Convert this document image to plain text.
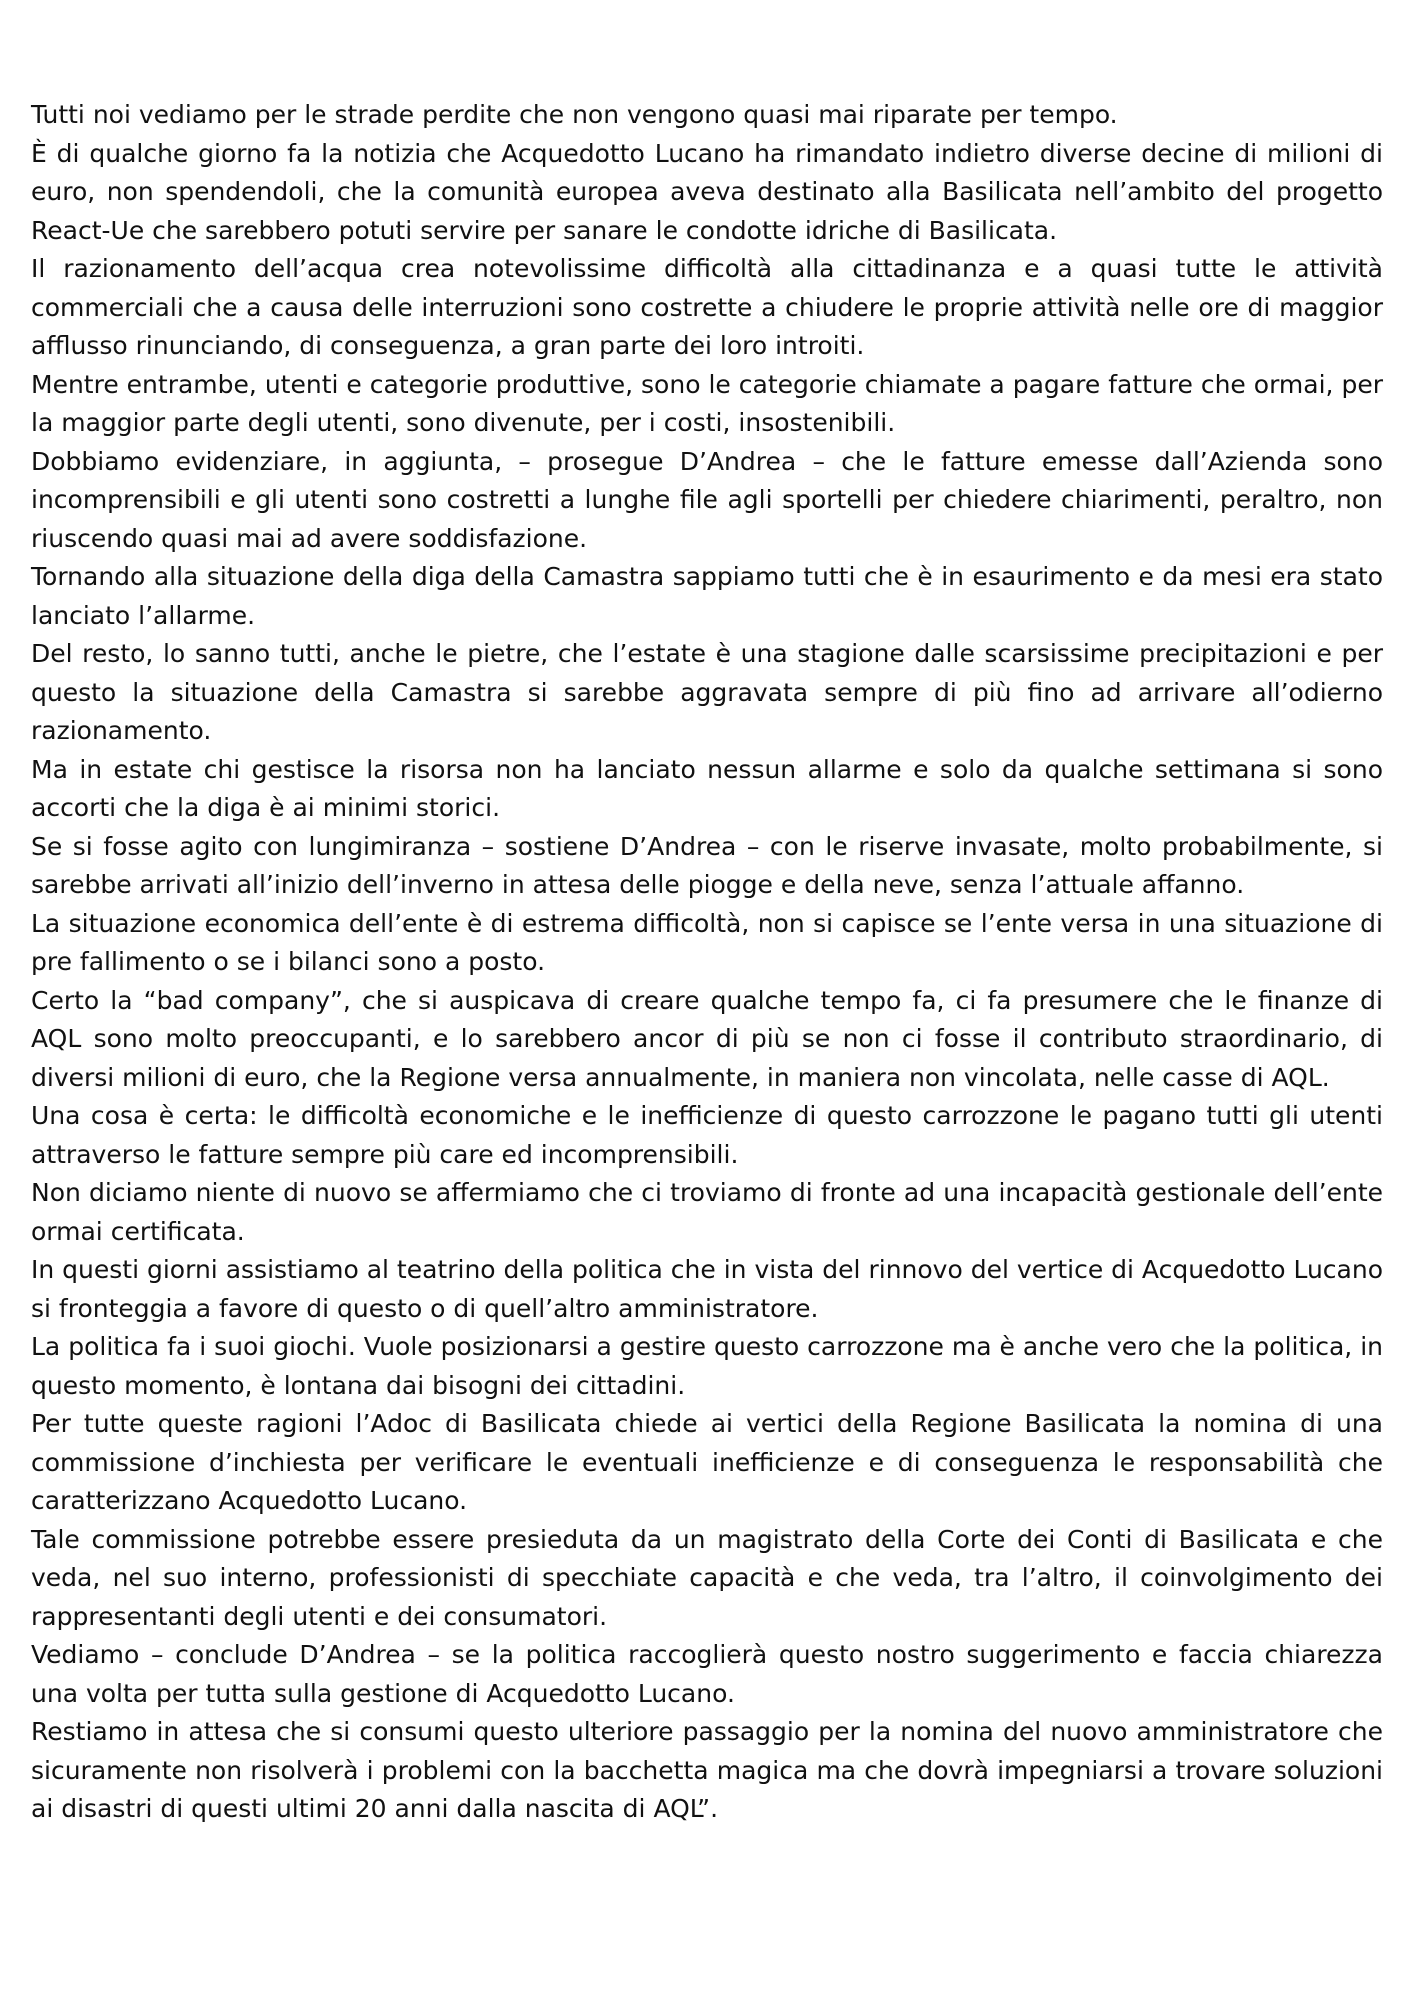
Tutti noi vediamo per le strade perdite che non vengono quasi mai riparate per tempo.

È di qualche giorno fa la notizia che Acquedotto Lucano ha rimandato indietro diverse decine di milioni di euro, non spendendoli, che la comunità europea aveva destinato alla Basilicata nell’ambito del progetto React-Ue che sarebbero potuti servire per sanare le condotte idriche di Basilicata.

Il razionamento dell’acqua crea notevolissime difficoltà alla cittadinanza e a quasi tutte le attività commerciali che a causa delle interruzioni sono costrette a chiudere le proprie attività nelle ore di maggior afflusso rinunciando, di conseguenza, a gran parte dei loro introiti.

Mentre entrambe, utenti e categorie produttive, sono le categorie chiamate a pagare fatture che ormai, per la maggior parte degli utenti, sono divenute, per i costi, insostenibili.

Dobbiamo evidenziare, in aggiunta, – prosegue D’Andrea – che le fatture emesse dall’Azienda sono incomprensibili e gli utenti sono costretti a lunghe file agli sportelli per chiedere chiarimenti, peraltro, non riuscendo quasi mai ad avere soddisfazione.

Tornando alla situazione della diga della Camastra sappiamo tutti che è in esaurimento e da mesi era stato lanciato l’allarme.

Del resto, lo sanno tutti, anche le pietre, che l’estate è una stagione dalle scarsissime precipitazioni e per questo la situazione della Camastra si sarebbe aggravata sempre di più fino ad arrivare all’odierno razionamento.

Ma in estate chi gestisce la risorsa non ha lanciato nessun allarme e solo da qualche settimana si sono accorti che la diga è ai minimi storici.

Se si fosse agito con lungimiranza – sostiene D’Andrea – con le riserve invasate, molto probabilmente, si sarebbe arrivati all’inizio dell’inverno in attesa delle piogge e della neve, senza l’attuale affanno.

La situazione economica dell’ente è di estrema difficoltà, non si capisce se l’ente versa in una situazione di pre fallimento o se i bilanci sono a posto.

Certo la “bad company”, che si auspicava di creare qualche tempo fa, ci fa presumere che le finanze di AQL sono molto preoccupanti, e lo sarebbero ancor di più se non ci fosse il contributo straordinario, di diversi milioni di euro, che la Regione versa annualmente, in maniera non vincolata, nelle casse di AQL.

Una cosa è certa: le difficoltà economiche e le inefficienze di questo carrozzone le pagano tutti gli utenti attraverso le fatture sempre più care ed incomprensibili.

Non diciamo niente di nuovo se affermiamo che ci troviamo di fronte ad una incapacità gestionale dell’ente ormai certificata.

In questi giorni assistiamo al teatrino della politica che in vista del rinnovo del vertice di Acquedotto Lucano si fronteggia a favore di questo o di quell’altro amministratore.

La politica fa i suoi giochi. Vuole posizionarsi a gestire questo carrozzone ma è anche vero che la politica, in questo momento, è lontana dai bisogni dei cittadini.

Per tutte queste ragioni l’Adoc di Basilicata chiede ai vertici della Regione Basilicata la nomina di una commissione d’inchiesta per verificare le eventuali inefficienze e di conseguenza le responsabilità che caratterizzano Acquedotto Lucano.

Tale commissione potrebbe essere presieduta da un magistrato della Corte dei Conti di Basilicata e che veda, nel suo interno, professionisti di specchiate capacità e che veda, tra l’altro, il coinvolgimento dei rappresentanti degli utenti e dei consumatori.

Vediamo – conclude D’Andrea – se la politica raccoglierà questo nostro suggerimento e faccia chiarezza una volta per tutta sulla gestione di Acquedotto Lucano.

Restiamo in attesa che si consumi questo ulteriore passaggio per la nomina del nuovo amministratore che sicuramente non risolverà i problemi con la bacchetta magica ma che dovrà impegniarsi a trovare soluzioni ai disastri di questi ultimi 20 anni dalla nascita di AQL”.
